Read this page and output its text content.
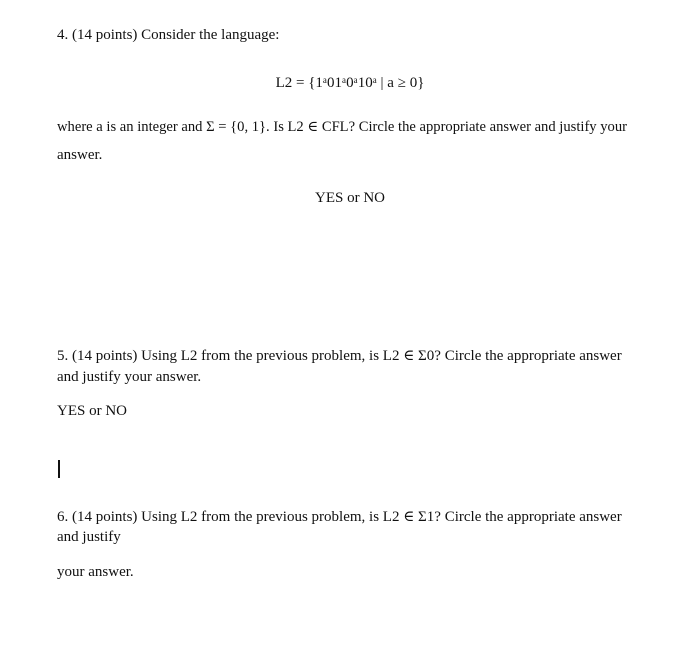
4. (14 points) Consider the language:
L2 = {1ᵃ01ᵃ0ᵃ10ᵃ | a ≥ 0}
where a is an integer and Σ = {0, 1}. Is L2 ∈ CFL? Circle the appropriate answer and justify your
answer.
YES or NO
5. (14 points) Using L2 from the previous problem, is L2 ∈ Σ0? Circle the appropriate answer
and justify your answer.
YES or NO
6. (14 points) Using L2 from the previous problem, is L2 ∈ Σ1? Circle the appropriate answer
and justify
your answer.
